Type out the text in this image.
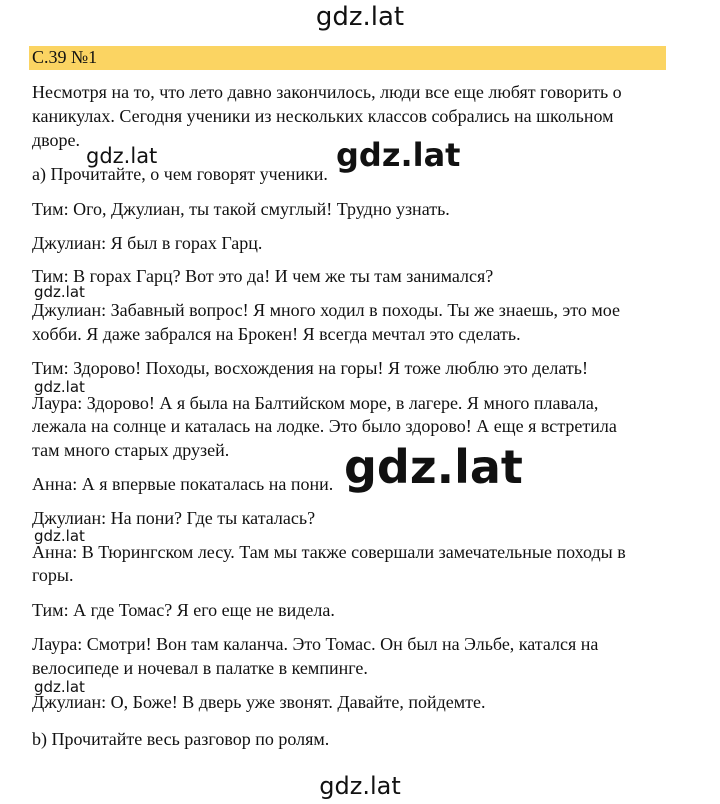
gdz.lat
С.39 №1
Несмотря на то, что лето давно закончилось, люди все еще любят говорить о
каникулах. Сегодня ученики из нескольких классов собрались на школьном
дворе.
а) Прочитайте, о чем говорят ученики.
Тим: Ого, Джулиан, ты такой смуглый! Трудно узнать.
Джулиан: Я был в горах Гарц.
Тим: В горах Гарц? Вот это да! И чем же ты там занимался?
Джулиан: Забавный вопрос! Я много ходил в походы. Ты же знаешь, это мое
хобби. Я даже забрался на Брокен! Я всегда мечтал это сделать.
Тим: Здорово! Походы, восхождения на горы! Я тоже люблю это делать!
Лаура: Здорово! А я была на Балтийском море, в лагере. Я много плавала,
лежала на солнце и каталась на лодке. Это было здорово! А еще я встретила
там много старых друзей.
Анна: А я впервые покаталась на пони.
Джулиан: На пони? Где ты каталась?
Анна: В Тюрингском лесу. Там мы также совершали замечательные походы в
горы.
Тим: А где Томас? Я его еще не видела.
Лаура: Смотри! Вон там каланча. Это Томас. Он был на Эльбе, катался на
велосипеде и ночевал в палатке в кемпинге.
Джулиан: О, Боже! В дверь уже звонят. Давайте, пойдемте.
b) Прочитайте весь разговор по ролям.
gdz.lat	gdz.lat
gdz.lat
gdz.lat
gdz.lat
gdz.lat
gdz.lat
gdz.lat
